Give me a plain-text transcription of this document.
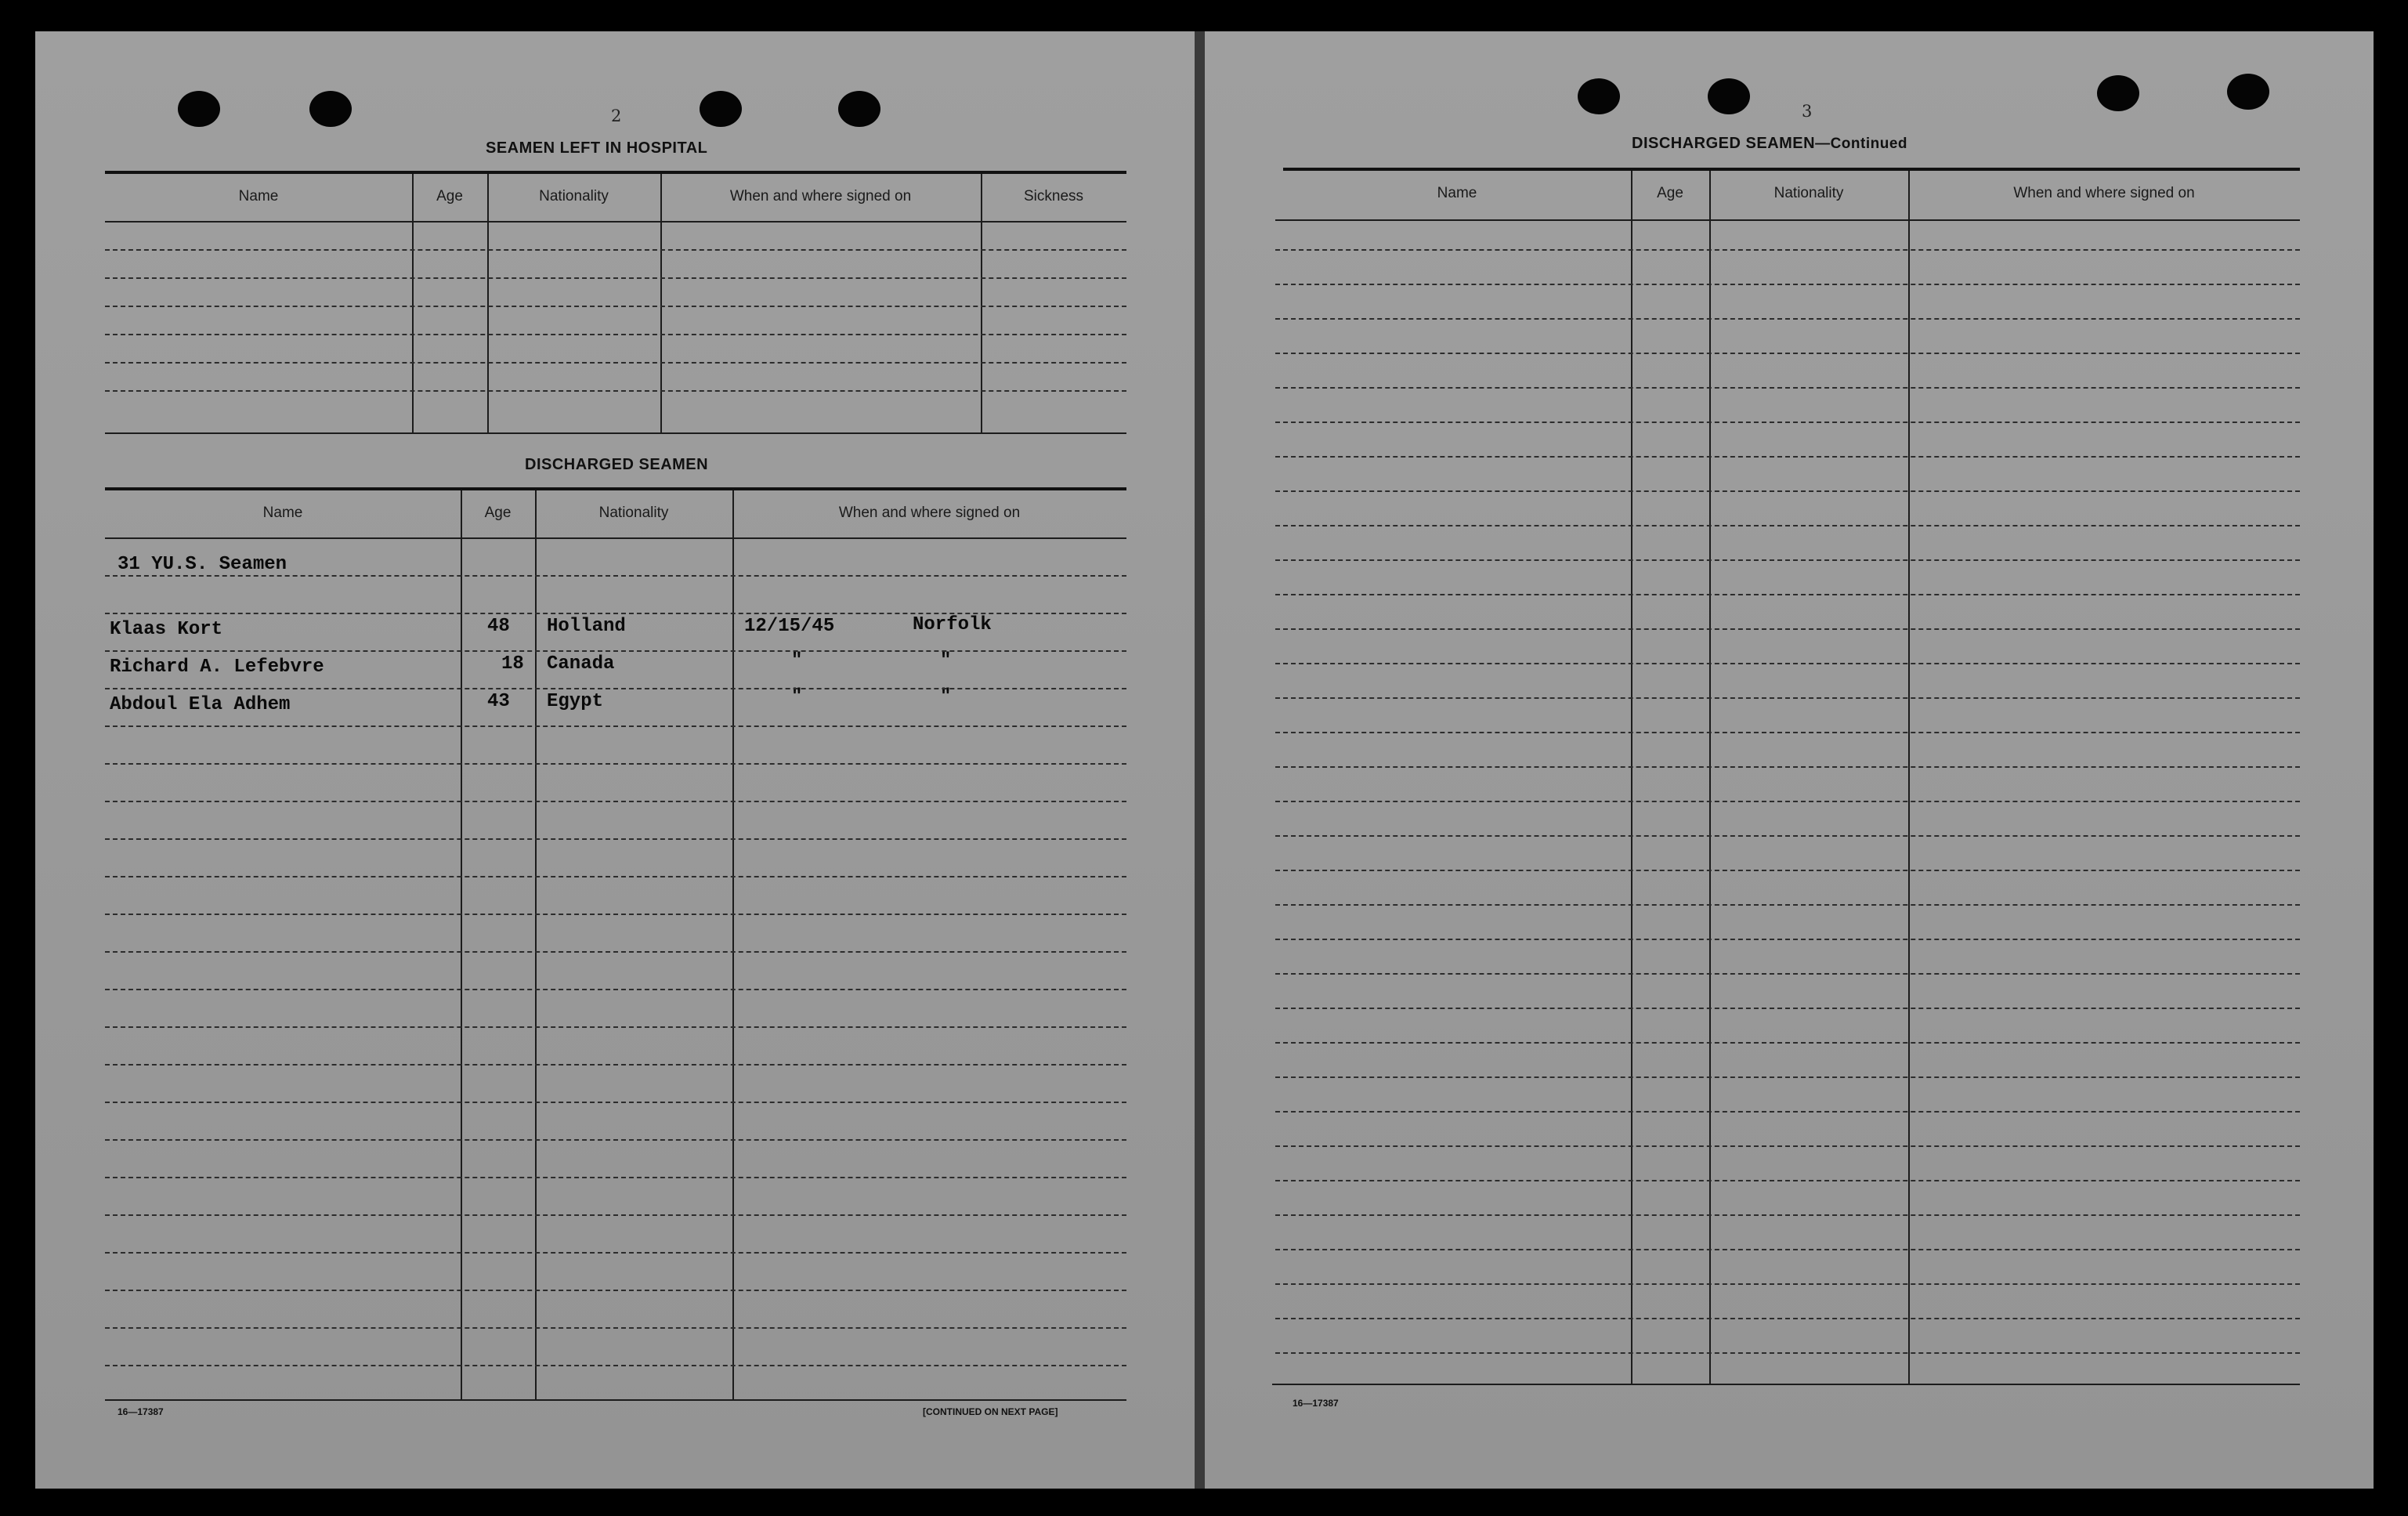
2
SEAMEN LEFT IN HOSPITAL
Name	Age	Nationality	When and where signed on	Sickness
DISCHARGED SEAMEN
Name	Age	Nationality	When and where signed on
31 YU.S. Seamen
Klaas Kort	48 Holland	12/15/45	Norfolk
Richard A. Lefebvre	18 Canada	"	"
Abdoul Ela Adhem	43 Egypt	"	"
16—17387	[CONTINUED ON NEXT PAGE]
3
DISCHARGED SEAMEN—Continued
Name	Age	Nationality	When and where signed on
16—17387
